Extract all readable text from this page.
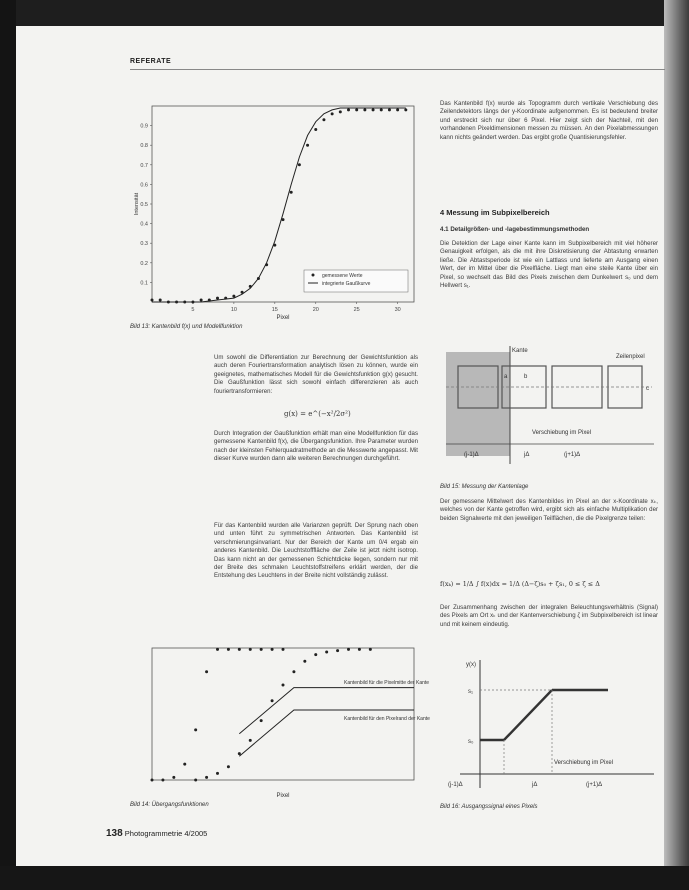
REFERATE
0.1
0.2
0.3
0.4
0.5
0.6
0.7
0.8
0.9
5	10	15	20	25	30
Pixel
Intensität
gemessene Werte
integrierte Gaußkurve
Bild 13: Kantenbild f(x) und Modellfunktion
Um sowohl die Differentiation zur Berechnung der Gewichtsfunktion als auch deren Fouriertransformation analytisch lösen zu können, wurde ein geeignetes, mathematisches Modell für die Gewichtsfunktion g(x) gesucht. Die Gaußfunktion lässt sich sowohl einfach differenzieren als auch fouriertransformieren:
g(x) = e^(−x²/2σ²)
Durch Integration der Gaußfunktion erhält man eine Modellfunktion für das gemessene Kantenbild f(x), die Übergangsfunktion. Ihre Parameter wurden nach der kleinsten Fehlerquadratmethode an die Messwerte angepasst. Mit dieser Kurve wurden dann alle weiteren Berechnungen durchgeführt.
Für das Kantenbild wurden alle Varianzen geprüft. Der Sprung nach oben und unten führt zu symmetrischen Antworten. Das Kantenbild ist verschmierungsinvariant. Nur der Bereich der Kante um 0/4 ergab ein anderes Kantenbild. Die Leuchtstofffläche der Zeile ist jetzt nicht isotrop. Das kann nicht an der gemessenen Schichtdicke liegen, sondern nur mit der Breite des schmalen Leuchtstoffstreifens erklärt werden, der die Entstehung des Leuchtens in der Breite nicht vollständig zulässt.
Pixel
Kantenbild für die Pixelmitte der Kante
Kantenbild für den Pixelrand der Kante
Bild 14: Übergangsfunktionen
Das Kantenbild f(x) wurde als Topogramm durch vertikale Verschiebung des Zeilendetektors längs der y-Koordinate aufgenommen. Es ist bedeutend breiter und erstreckt sich nur über 6 Pixel. Hier zeigt sich der Nachteil, mit den vorhandenen Pixeldimensionen messen zu müssen. An den Pixelabmessungen kann nichts geändert werden. Das ergibt große Quantisierungsfehler.
4 Messung im Subpixelbereich
4.1 Detailgrößen- und -lagebestimmungsmethoden
Die Detektion der Lage einer Kante kann im Subpixelbereich mit viel höherer Genauigkeit erfolgen, als die mit ihre Diskretisierung der Abtastung erwarten ließe. Die Abtastsperiode ist wie ein Lattlass und lieferte am Ausgang einen Wert, der im Mittel über die Pixelfläche. Liegt man eine steile Kante über ein Pixel, so wechselt das Bild des Pixels zwischen dem Dunkelwert s₀ und dem Hellwert s₁.
Kante
Zeilenpixel
a	b
c
Verschiebung im Pixel
(j-1)Δ	jΔ	(j+1)Δ
Bild 15: Messung der Kantenlage
Der gemessene Mittelwert des Kantenbildes im Pixel an der x-Koordinate xₖ, welches von der Kante getroffen wird, ergibt sich als einfache Multiplikation der beiden Signalwerte mit den jeweiligen Teilflächen, die die Pixelgrenze teilen:
f(xₖ) = 1/Δ ∫ f(x)dx = 1/Δ (Δ−ζ)s₀ + ζs₁, 0 ≤ ζ ≤ Δ
Der Zusammenhang zwischen der integralen Beleuchtungsverhältnis (Signal) des Pixels am Ort xₖ und der Kantenverschiebung ζ im Subpixelbereich ist linear und mit keinem eindeutig.
y(x)
s₁
s₀
Verschiebung im Pixel
(j-1)Δ	jΔ	(j+1)Δ
Bild 16: Ausgangssignal eines Pixels
138 Photogrammetrie 4/2005
